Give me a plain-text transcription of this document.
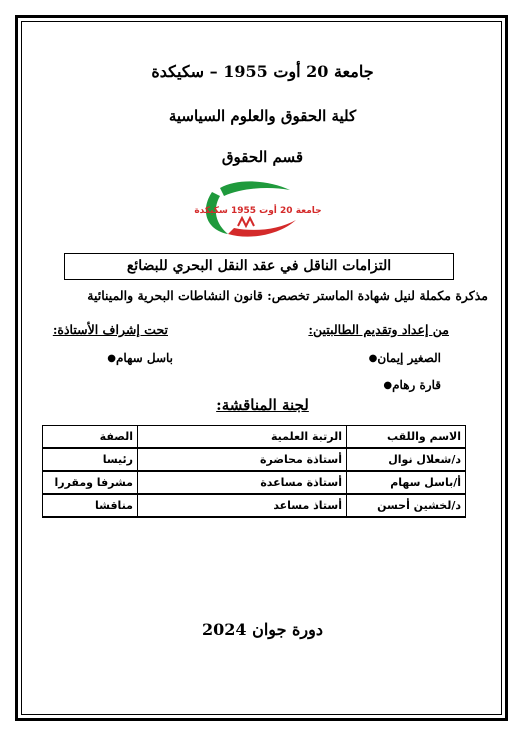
جامعة 20 أوت 1955 – سكيكدة
كلية الحقوق والعلوم السياسية
قسم الحقوق
جامعة 20 أوت 1955 سكيكدة
التزامات الناقل في عقد النقل البحري للبضائع
مذكرة مكملة لنيل شهادة الماستر تخصص: قانون النشاطات البحرية والمينائية
من إعداد وتقديم الطالبتين:
تحت إشراف الأستاذة:
● الصغير إيمان
● قارة رهام
● باسل سهام
لجنة المناقشة:
الاسم واللقب	الرتبة العلمية	الصفة
د/شعلال نوال	أستاذة محاضرة	رئيسا
أ/باسل سهام	أستاذة مساعدة	مشرفا ومقررا
د/لخشين أحسن	أستاذ مساعد	مناقشا
دورة جوان 2024
